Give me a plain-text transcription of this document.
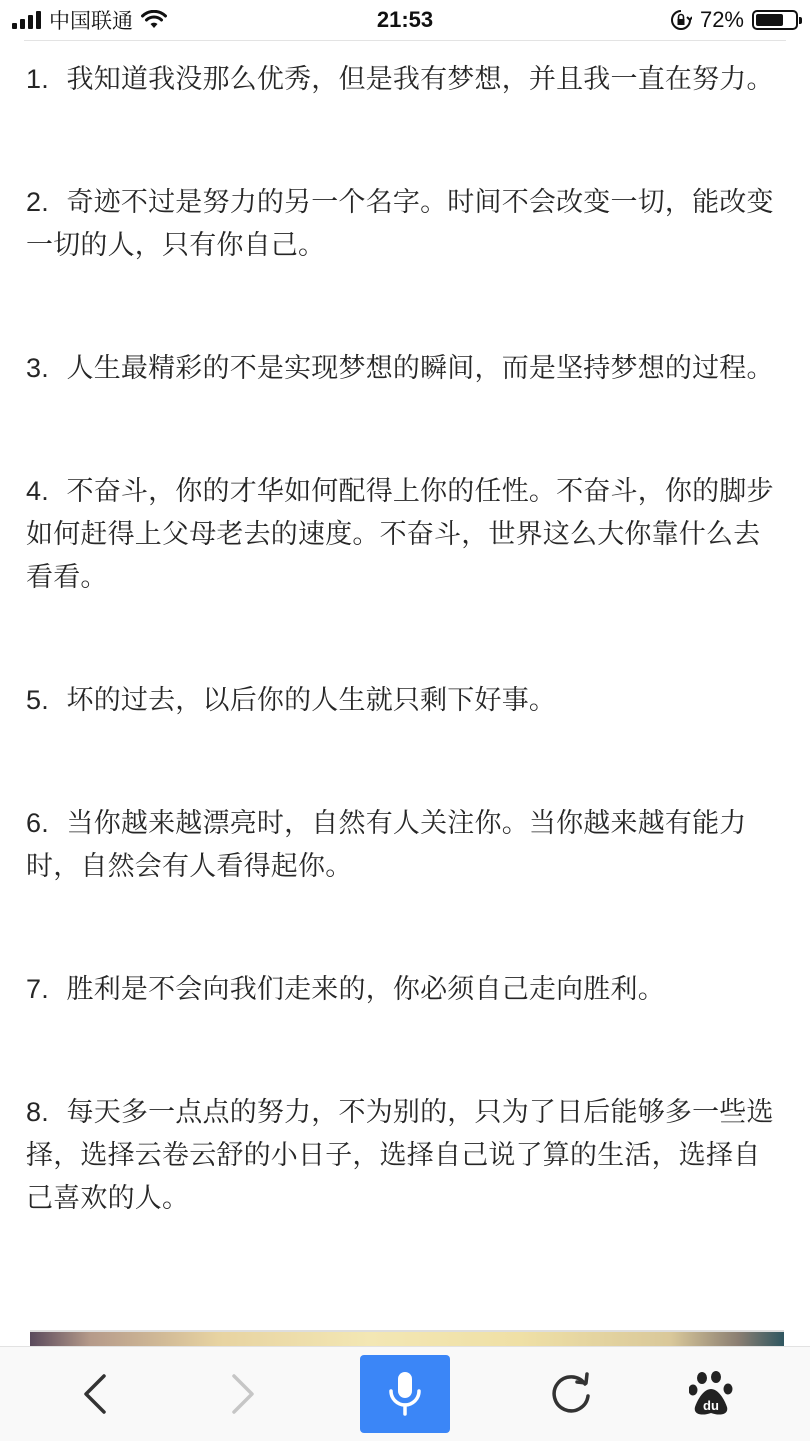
中国联通	21:53	72%

1. 我知道我没那么优秀，但是我有梦想，并且我一直在努力。

2. 奇迹不过是努力的另一个名字。时间不会改变一切，能改变一切的人，只有你自己。

3. 人生最精彩的不是实现梦想的瞬间，而是坚持梦想的过程。

4. 不奋斗，你的才华如何配得上你的任性。不奋斗，你的脚步如何赶得上父母老去的速度。不奋斗，世界这么大你靠什么去看看。

5. 坏的过去，以后你的人生就只剩下好事。

6. 当你越来越漂亮时，自然有人关注你。当你越来越有能力时，自然会有人看得起你。

7. 胜利是不会向我们走来的，你必须自己走向胜利。

8. 每天多一点点的努力，不为别的，只为了日后能够多一些选择，选择云卷云舒的小日子，选择自己说了算的生活，选择自己喜欢的人。

du
